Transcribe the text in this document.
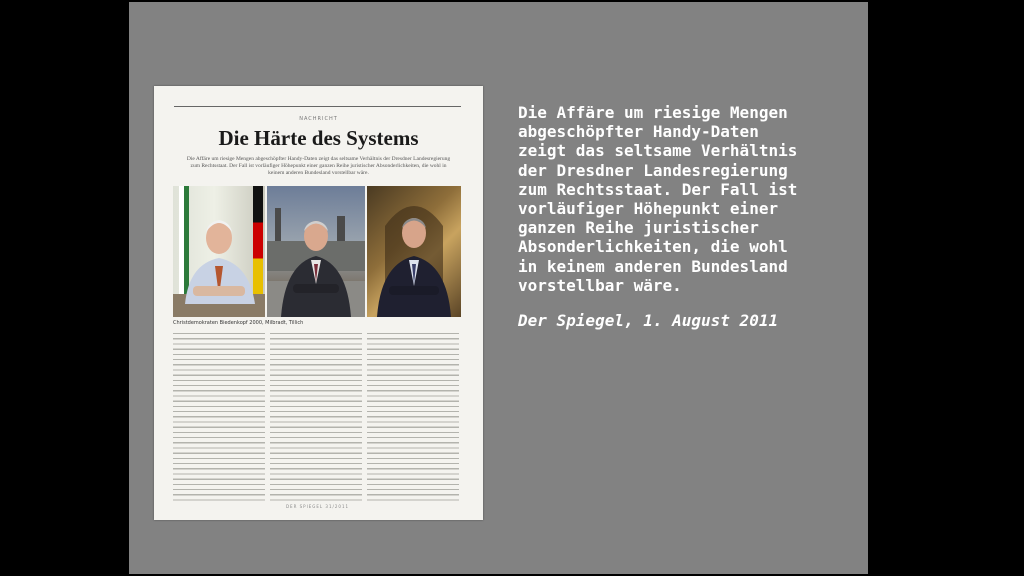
NACHRICHT
Die Härte des Systems
Die Affäre um riesige Mengen abgeschöpfter Handy-Daten zeigt das seltsame Verhältnis der Dresdner Landesregierung zum Rechtsstaat. Der Fall ist vorläufiger Höhepunkt einer ganzen Reihe juristischer Absonderlichkeiten, die wohl in keinem anderen Bundesland vorstellbar wäre.
Christdemokraten Biedenkopf 2000, Milbradt, Tillich
DER SPIEGEL 31/2011
Die Affäre um riesige Mengen
abgeschöpfter Handy-Daten
zeigt das seltsame Verhältnis
der Dresdner Landesregierung
zum Rechtsstaat. Der Fall ist
vorläufiger Höhepunkt einer
ganzen Reihe juristischer
Absonderlichkeiten, die wohl
in keinem anderen Bundesland
vorstellbar wäre.
Der Spiegel, 1. August 2011
